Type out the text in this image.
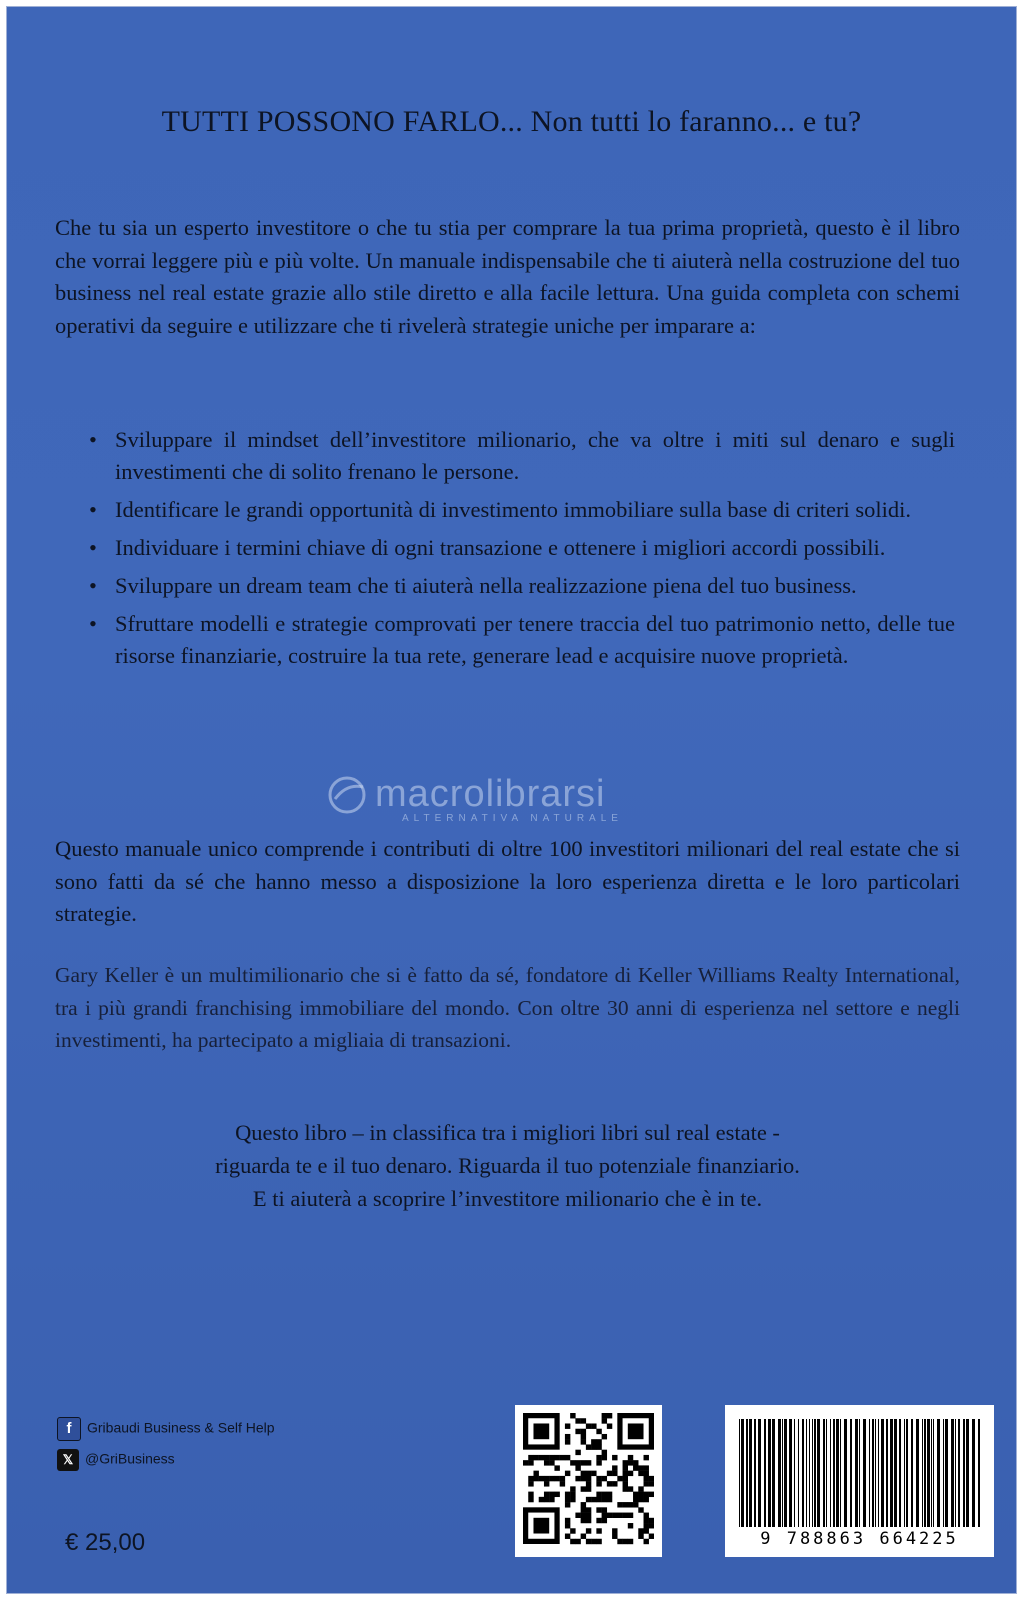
TUTTI POSSONO FARLO... Non tutti lo faranno... e tu?
Che tu sia un esperto investitore o che tu stia per comprare la tua prima proprietà, questo è il libro che vorrai leggere più e più volte. Un manuale indispensabile che ti aiuterà nella costruzione del tuo business nel real estate grazie allo stile diretto e alla facile lettura. Una guida completa con schemi operativi da seguire e utilizzare che ti rivelerà strategie uniche per imparare a:
• Sviluppare il mindset dell’investitore milionario, che va oltre i miti sul denaro e sugli investimenti che di solito frenano le persone.
• Identificare le grandi opportunità di investimento immobiliare sulla base di criteri solidi.
• Individuare i termini chiave di ogni transazione e ottenere i migliori accordi possibili.
• Sviluppare un dream team che ti aiuterà nella realizzazione piena del tuo business.
• Sfruttare modelli e strategie comprovati per tenere traccia del tuo patrimonio netto, delle tue risorse finanziarie, costruire la tua rete, generare lead e acquisire nuove proprietà.
macrolibrarsi
ALTERNATIVA NATURALE
Questo manuale unico comprende i contributi di oltre 100 investitori milionari del real estate che si sono fatti da sé che hanno messo a disposizione la loro esperienza diretta e le loro particolari strategie.
Gary Keller è un multimilionario che si è fatto da sé, fondatore di Keller Williams Realty International, tra i più grandi franchising immobiliare del mondo. Con oltre 30 anni di esperienza nel settore e negli investimenti, ha partecipato a migliaia di transazioni.
Questo libro – in classifica tra i migliori libri sul real estate -
riguarda te e il tuo denaro. Riguarda il tuo potenziale finanziario.
E ti aiuterà a scoprire l’investitore milionario che è in te.
f Gribaudi Business & Self Help
𝕏 @GriBusiness
€ 25,00	9 788863 664225
